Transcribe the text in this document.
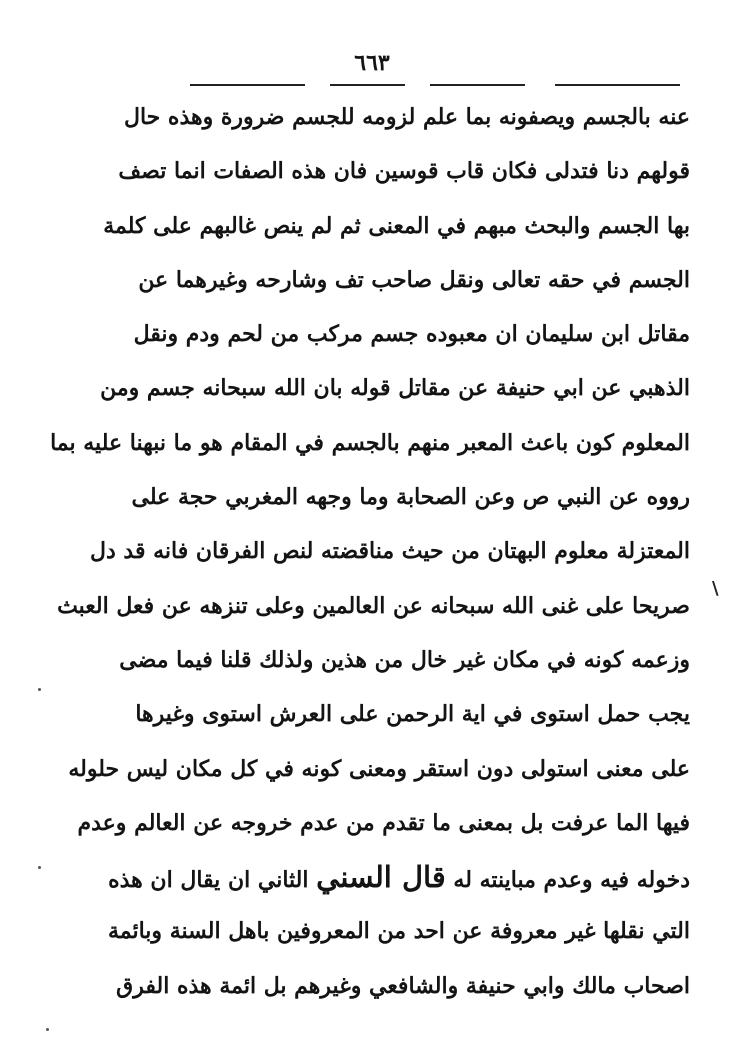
٦٦٣
عنه بالجسم ويصفونه بما علم لزومه للجسم ضرورة وهذه حال
قولهم دنا فتدلى فكان قاب قوسين فان هذه الصفات انما تصف
بها الجسم والبحث مبهم في المعنى ثم لم ينص غالبهم على كلمة
الجسم في حقه تعالى ونقل صاحب تف وشارحه وغيرهما عن
مقاتل ابن سليمان ان معبوده جسم مركب من لحم ودم ونقل
الذهبي عن ابي حنيفة عن مقاتل قوله بان الله سبحانه جسم ومن
المعلوم كون باعث المعبر منهم بالجسم في المقام هو ما نبهنا عليه بما
رووه عن النبي ص وعن الصحابة وما وجهه المغربي حجة على
المعتزلة معلوم البهتان من حيث مناقضته لنص الفرقان فانه قد دل
صريحا على غنى الله سبحانه عن العالمين وعلى تنزهه عن فعل العبث
وزعمه كونه في مكان غير خال من هذين ولذلك قلنا فيما مضى
يجب حمل استوى في اية الرحمن على العرش استوى وغيرها
على معنى استولى دون استقر ومعنى كونه في كل مكان ليس حلوله
فيها الما عرفت بل بمعنى ما تقدم من عدم خروجه عن العالم وعدم
دخوله فيه وعدم مباينته له قال السني الثاني ان يقال ان هذه
التي نقلها غير معروفة عن احد من المعروفين باهل السنة وبائمة
اصحاب مالك وابي حنيفة والشافعي وغيرهم بل ائمة هذه الفرق
\
